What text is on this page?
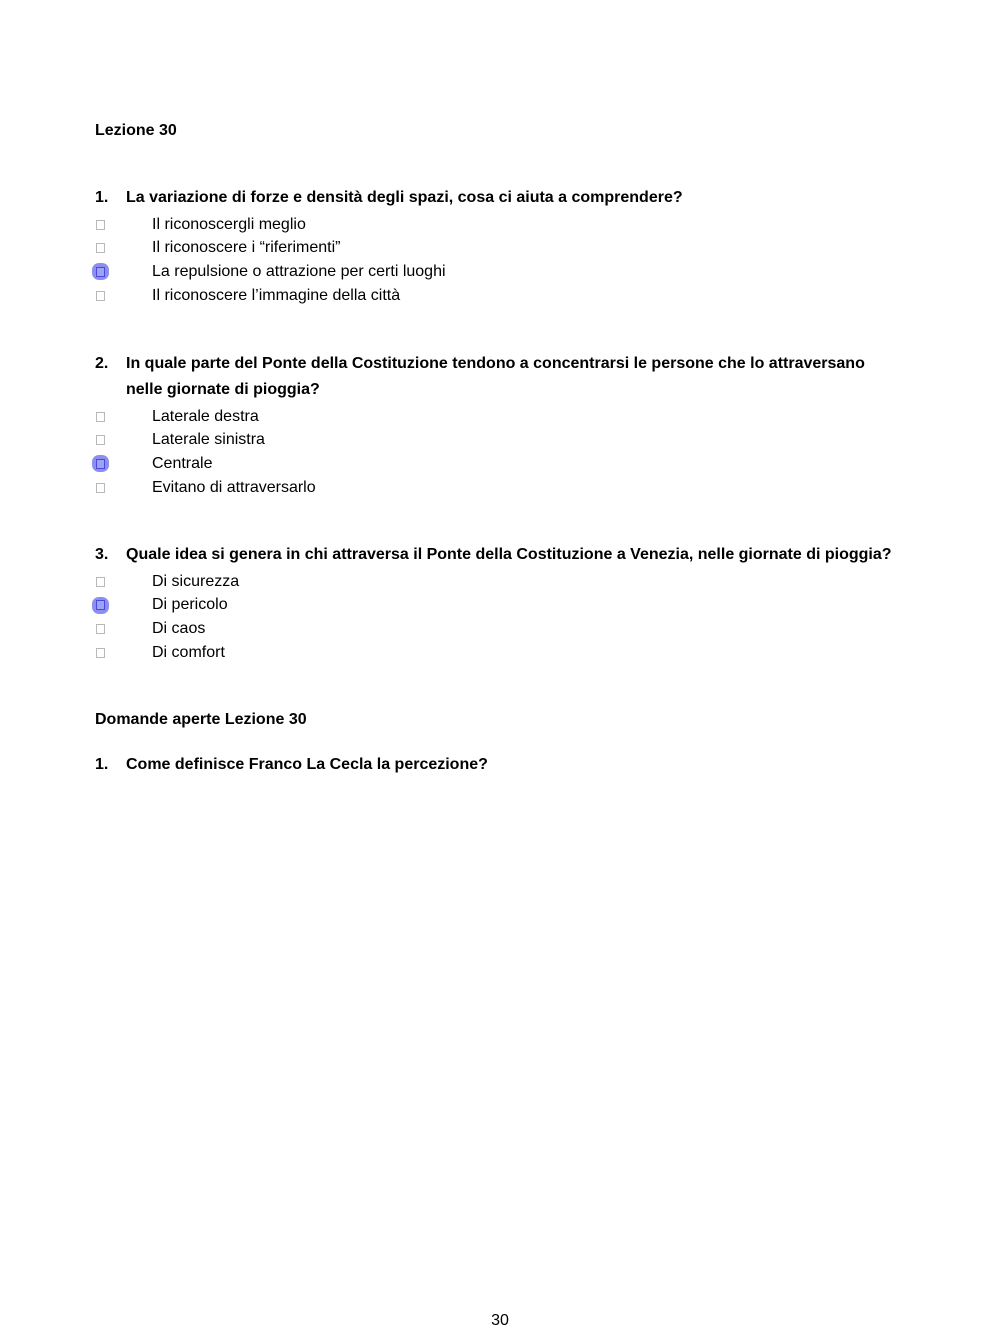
Lezione 30
1.	La variazione di forze e densità degli spazi, cosa ci aiuta a comprendere?
Il riconoscergli meglio
Il riconoscere i “riferimenti”
La repulsione o attrazione per certi luoghi
Il riconoscere l’immagine della città
2.	In quale parte del Ponte della Costituzione tendono a concentrarsi le persone che lo attraversano nelle giornate di pioggia?
Laterale destra
Laterale sinistra
Centrale
Evitano di attraversarlo
3.	Quale idea si genera in chi attraversa il Ponte della Costituzione a Venezia, nelle giornate di pioggia?
Di sicurezza
Di pericolo
Di caos
Di comfort
Domande aperte Lezione 30
1.	Come definisce Franco La Cecla la percezione?
30
